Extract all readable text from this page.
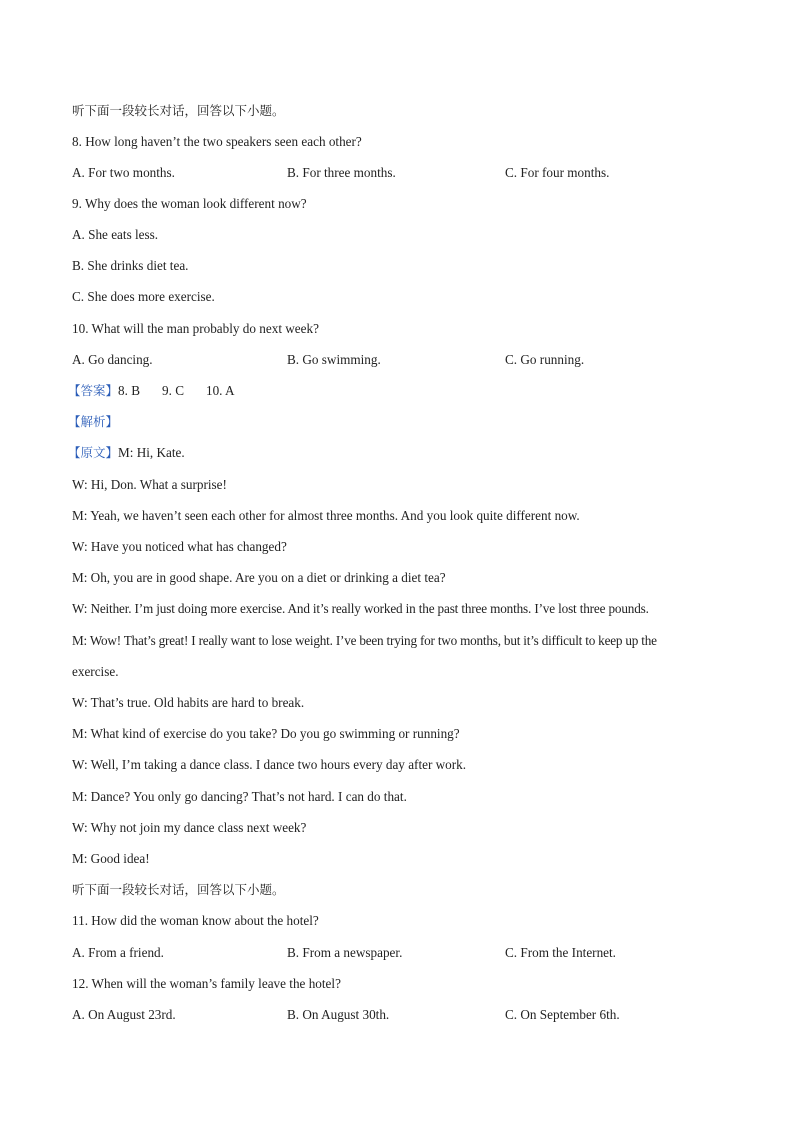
听下面一段较长对话，回答以下小题。
8. How long haven’t the two speakers seen each other?
A. For two months.	B. For three months.	C. For four months.
9. Why does the woman look different now?
A. She eats less.
B. She drinks diet tea.
C. She does more exercise.
10. What will the man probably do next week?
A. Go dancing.	B. Go swimming.	C. Go running.
【答案】8. B 9. C 10. A
【解析】
【原文】M: Hi, Kate.
W: Hi, Don. What a surprise!
M: Yeah, we haven’t seen each other for almost three months. And you look quite different now.
W: Have you noticed what has changed?
M: Oh, you are in good shape. Are you on a diet or drinking a diet tea?
W: Neither. I’m just doing more exercise. And it’s really worked in the past three months. I’ve lost three pounds.
M: Wow! That’s great! I really want to lose weight. I’ve been trying for two months, but it’s difficult to keep up the
exercise.
W: That’s true. Old habits are hard to break.
M: What kind of exercise do you take? Do you go swimming or running?
W: Well, I’m taking a dance class. I dance two hours every day after work.
M: Dance? You only go dancing? That’s not hard. I can do that.
W: Why not join my dance class next week?
M: Good idea!
听下面一段较长对话，回答以下小题。
11. How did the woman know about the hotel?
A. From a friend.	B. From a newspaper.	C. From the Internet.
12. When will the woman’s family leave the hotel?
A. On August 23rd.	B. On August 30th.	C. On September 6th.
